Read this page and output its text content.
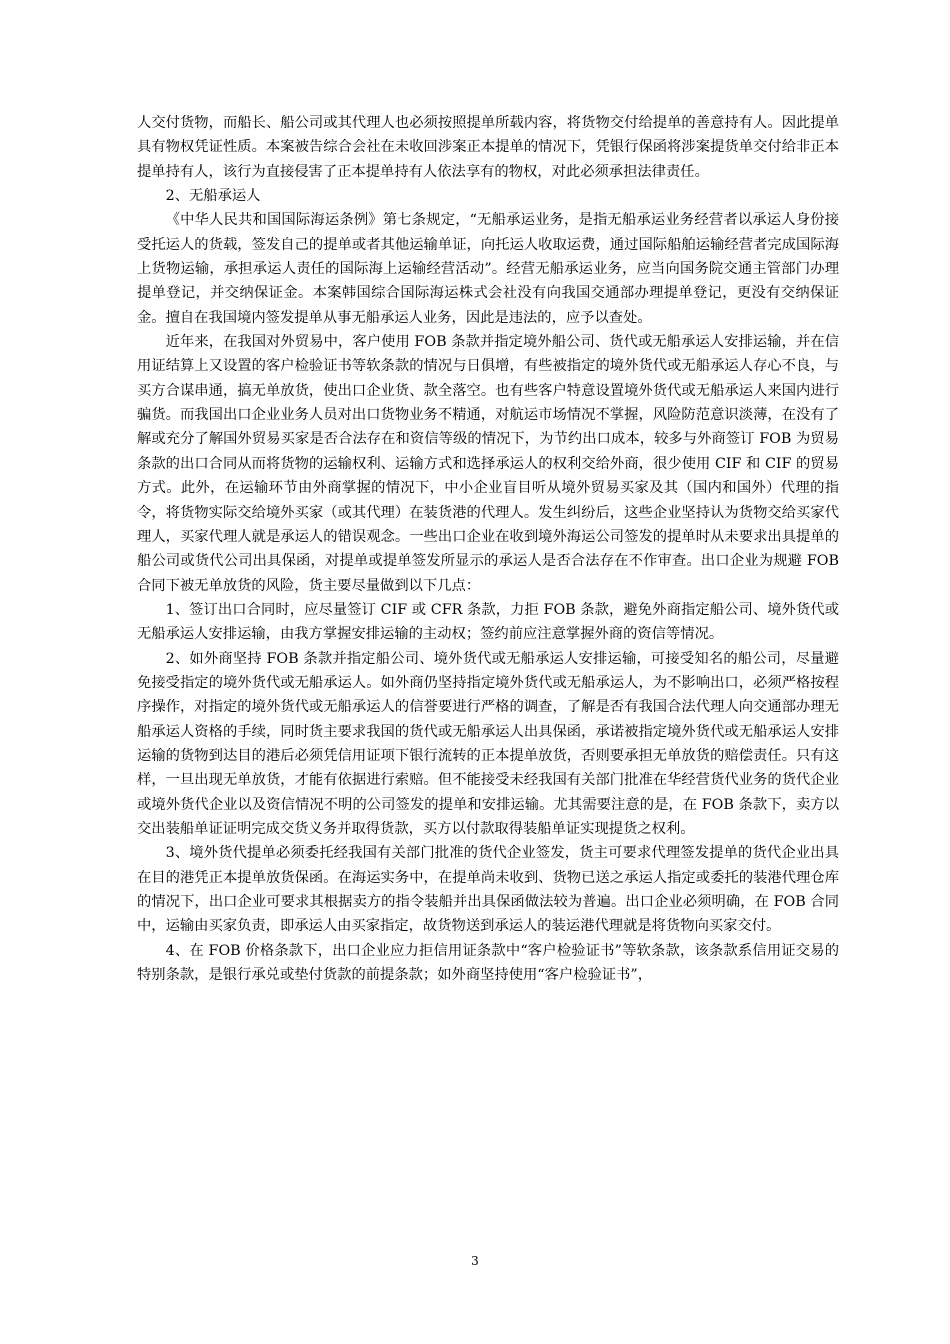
人交付货物，而船长、船公司或其代理人也必须按照提单所载内容，将货物交付给提单的善意持有人。因此提单具有物权凭证性质。本案被告综合会社在未收回涉案正本提单的情况下，凭银行保函将涉案提货单交付给非正本提单持有人，该行为直接侵害了正本提单持有人依法享有的物权，对此必须承担法律责任。

2、无船承运人

《中华人民共和国国际海运条例》第七条规定，“无船承运业务，是指无船承运业务经营者以承运人身份接受托运人的货载，签发自己的提单或者其他运输单证，向托运人收取运费，通过国际船舶运输经营者完成国际海上货物运输，承担承运人责任的国际海上运输经营活动”。经营无船承运业务，应当向国务院交通主管部门办理提单登记，并交纳保证金。本案韩国综合国际海运株式会社没有向我国交通部办理提单登记，更没有交纳保证金。擅自在我国境内签发提单从事无船承运人业务，因此是违法的，应予以查处。

近年来，在我国对外贸易中，客户使用 FOB 条款并指定境外船公司、货代或无船承运人安排运输，并在信用证结算上又设置的客户检验证书等软条款的情况与日俱增，有些被指定的境外货代或无船承运人存心不良，与买方合谋串通，搞无单放货，使出口企业货、款全落空。也有些客户特意设置境外货代或无船承运人来国内进行骗货。而我国出口企业业务人员对出口货物业务不精通，对航运市场情况不掌握，风险防范意识淡薄，在没有了解或充分了解国外贸易买家是否合法存在和资信等级的情况下，为节约出口成本，较多与外商签订 FOB 为贸易条款的出口合同从而将货物的运输权利、运输方式和选择承运人的权利交给外商，很少使用 CIF 和 CIF 的贸易方式。此外，在运输环节由外商掌握的情况下，中小企业盲目听从境外贸易买家及其（国内和国外）代理的指令，将货物实际交给境外买家（或其代理）在装货港的代理人。发生纠纷后，这些企业坚持认为货物交给买家代理人，买家代理人就是承运人的错误观念。一些出口企业在收到境外海运公司签发的提单时从未要求出具提单的船公司或货代公司出具保函，对提单或提单签发所显示的承运人是否合法存在不作审查。出口企业为规避 FOB 合同下被无单放货的风险，货主要尽量做到以下几点：

1、签订出口合同时，应尽量签订 CIF 或 CFR 条款，力拒 FOB 条款，避免外商指定船公司、境外货代或无船承运人安排运输，由我方掌握安排运输的主动权；签约前应注意掌握外商的资信等情况。

2、如外商坚持 FOB 条款并指定船公司、境外货代或无船承运人安排运输，可接受知名的船公司，尽量避免接受指定的境外货代或无船承运人。如外商仍坚持指定境外货代或无船承运人，为不影响出口，必须严格按程序操作，对指定的境外货代或无船承运人的信誉要进行严格的调查，了解是否有我国合法代理人向交通部办理无船承运人资格的手续，同时货主要求我国的货代或无船承运人出具保函，承诺被指定境外货代或无船承运人安排运输的货物到达目的港后必须凭信用证项下银行流转的正本提单放货，否则要承担无单放货的赔偿责任。只有这样，一旦出现无单放货，才能有依据进行索赔。但不能接受未经我国有关部门批准在华经营货代业务的货代企业或境外货代企业以及资信情况不明的公司签发的提单和安排运输。尤其需要注意的是，在 FOB 条款下，卖方以交出装船单证证明完成交货义务并取得货款，买方以付款取得装船单证实现提货之权利。

3、境外货代提单必须委托经我国有关部门批准的货代企业签发，货主可要求代理签发提单的货代企业出具在目的港凭正本提单放货保函。在海运实务中，在提单尚未收到、货物已送之承运人指定或委托的装港代理仓库的情况下，出口企业可要求其根据卖方的指令装船并出具保函做法较为普遍。出口企业必须明确，在 FOB 合同中，运输由买家负责，即承运人由买家指定，故货物送到承运人的装运港代理就是将货物向买家交付。

4、在 FOB 价格条款下，出口企业应力拒信用证条款中“客户检验证书”等软条款，该条款系信用证交易的特别条款，是银行承兑或垫付货款的前提条款；如外商坚持使用“客户检验证书”，

3
